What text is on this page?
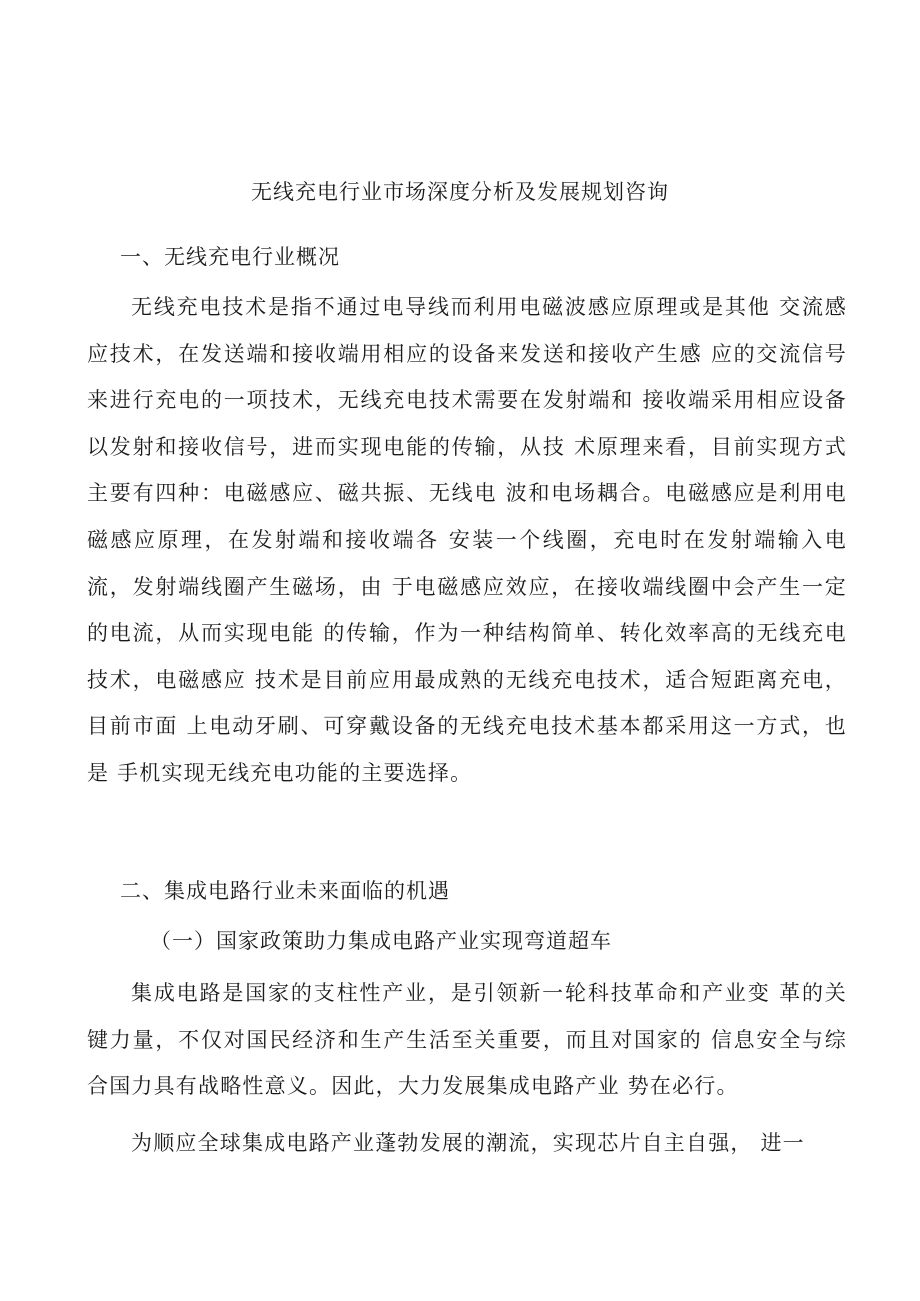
无线充电行业市场深度分析及发展规划咨询
一、无线充电行业概况

无线充电技术是指不通过电导线而利用电磁波感应原理或是其他 交流感应技术，在发送端和接收端用相应的设备来发送和接收产生感 应的交流信号来进行充电的一项技术，无线充电技术需要在发射端和 接收端采用相应设备以发射和接收信号，进而实现电能的传输，从技 术原理来看，目前实现方式主要有四种：电磁感应、磁共振、无线电 波和电场耦合。电磁感应是利用电磁感应原理，在发射端和接收端各 安装一个线圈，充电时在发射端输入电流，发射端线圈产生磁场，由 于电磁感应效应，在接收端线圈中会产生一定的电流，从而实现电能 的传输，作为一种结构简单、转化效率高的无线充电技术，电磁感应 技术是目前应用最成熟的无线充电技术，适合短距离充电，目前市面 上电动牙刷、可穿戴设备的无线充电技术基本都采用这一方式，也是 手机实现无线充电功能的主要选择。

二、集成电路行业未来面临的机遇
（一）国家政策助力集成电路产业实现弯道超车

集成电路是国家的支柱性产业，是引领新一轮科技革命和产业变 革的关键力量，不仅对国民经济和生产生活至关重要，而且对国家的 信息安全与综合国力具有战略性意义。因此，大力发展集成电路产业 势在必行。

为顺应全球集成电路产业蓬勃发展的潮流，实现芯片自主自强， 进一
